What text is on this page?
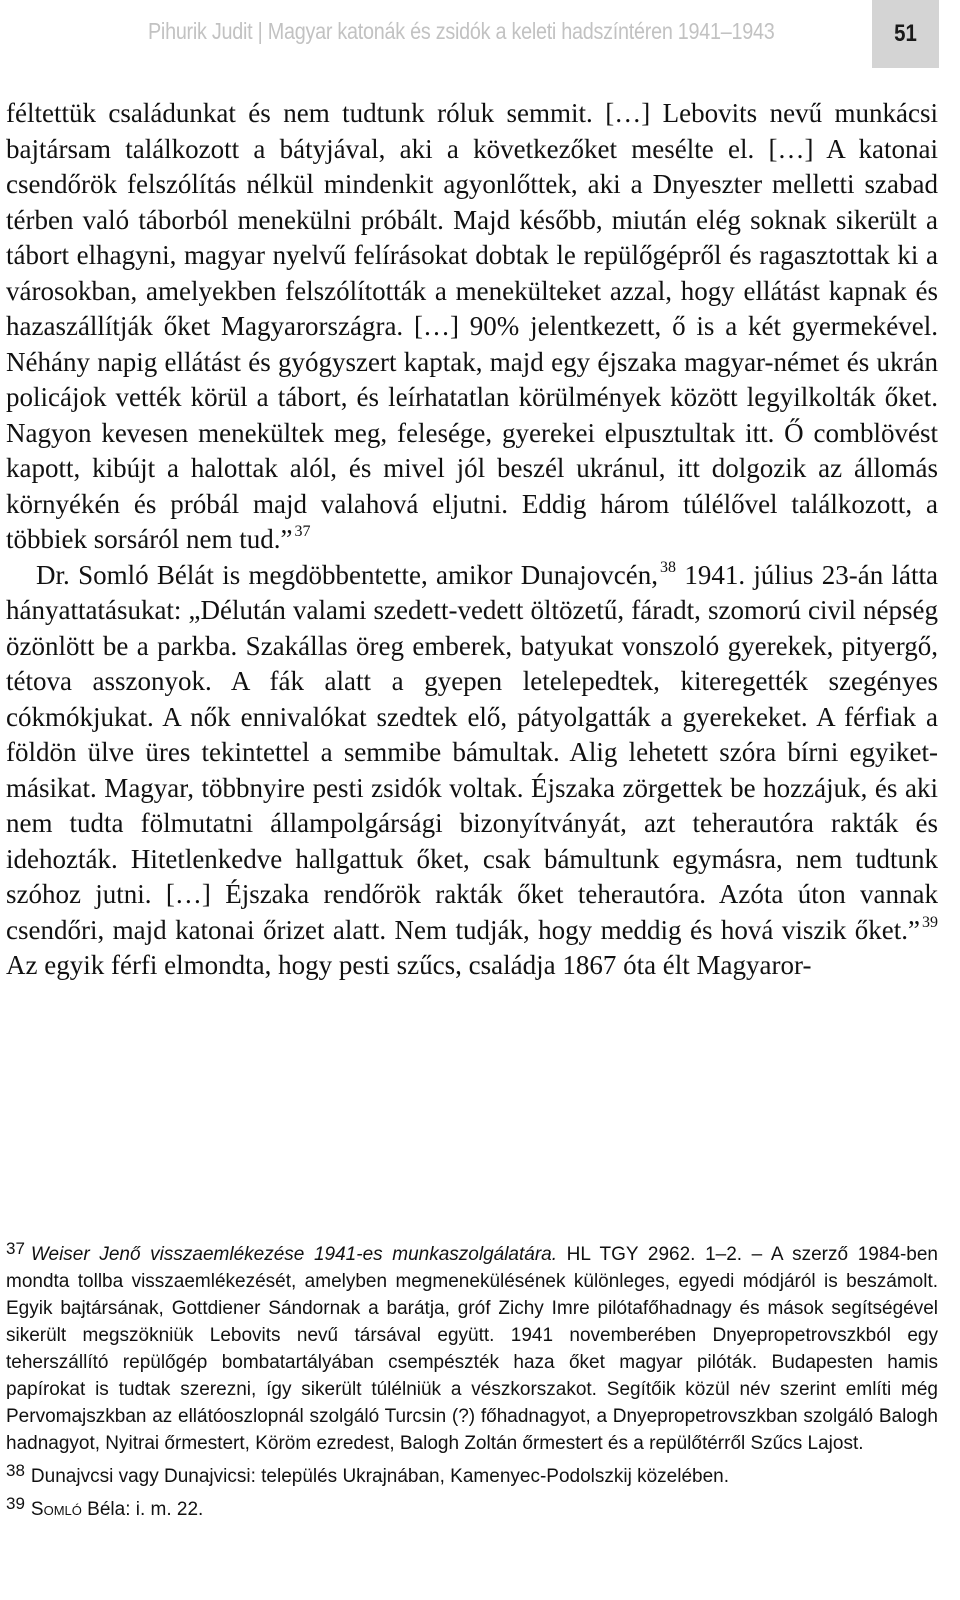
Pihurik Judit | Magyar katonák és zsidók a keleti hadszíntéren 1941–1943	51

féltettük családunkat és nem tudtunk róluk semmit. […] Lebovits nevű munkácsi bajtársam találkozott a bátyjával, aki a következőket mesélte el. […] A katonai csendőrök felszólítás nélkül mindenkit agyonlőttek, aki a Dnyeszter melletti szabad térben való táborból menekülni próbált. Majd később, miután elég soknak sikerült a tábort elhagyni, magyar nyelvű felírásokat dobtak le repülőgépről és ragasztottak ki a városokban, amelyekben felszólították a menekülteket azzal, hogy ellátást kapnak és hazaszállítják őket Magyarországra. […] 90% jelentkezett, ő is a két gyermekével. Néhány napig ellátást és gyógyszert kaptak, majd egy éjszaka magyar-német és ukrán policájok vették körül a tábort, és leírhatatlan körülmények között legyilkolták őket. Nagyon kevesen menekültek meg, felesége, gyerekei elpusztultak itt. Ő comblövést kapott, kibújt a halottak alól, és mivel jól beszél ukránul, itt dolgozik az állomás környékén és próbál majd valahová eljutni. Eddig három túlélővel találkozott, a többiek sorsáról nem tud.” $^{37}$

Dr. Somló Bélát is megdöbbentette, amikor Dunajovcén, $^{38}$ 1941. július 23-án látta hányattatásukat: „Délután valami szedett-vedett öltözetű, fáradt, szomorú civil népség özönlött be a parkba. Szakállas öreg emberek, batyukat vonszoló gyerekek, pityergő, tétova asszonyok. A fák alatt a gyepen letelepedtek, kiteregették szegényes cókmókjukat. A nők ennivalókat szedtek elő, pátyolgatták a gyerekeket. A férfiak a földön ülve üres tekintettel a semmibe bámultak. Alig lehetett szóra bírni egyiket-másikat. Magyar, többnyire pesti zsidók voltak. Éjszaka zörgettek be hozzájuk, és aki nem tudta fölmutatni állampolgársági bizonyítványát, azt teherautóra rakták és idehozták. Hitetlenkedve hallgattuk őket, csak bámultunk egymásra, nem tudtunk szóhoz jutni. […] Éjszaka rendőrök rakták őket teherautóra. Azóta úton vannak csendőri, majd katonai őrizet alatt. Nem tudják, hogy meddig és hová viszik őket.” $^{39}$ Az egyik férfi elmondta, hogy pesti szűcs, családja 1867 óta élt Magyaror-

37 Weiser Jenő visszaemlékezése 1941-es munkaszolgálatára. HL TGY 2962. 1–2. – A szerző 1984-ben mondta tollba visszaemlékezését, amelyben megmenekülésének különleges, egyedi módjáról is beszámolt. Egyik bajtársának, Gottdiener Sándornak a barátja, gróf Zichy Imre pilótafőhadnagy és mások segítségével sikerült megszökniük Lebovits nevű társával együtt. 1941 novemberében Dnyepropetrovszkból egy teherszállító repülőgép bombatartályában csempészték haza őket magyar pilóták. Budapesten hamis papírokat is tudtak szerezni, így sikerült túlélniük a vészkorszakot. Segítőik közül név szerint említi még Pervomajszkban az ellátóoszlopnál szolgáló Turcsin (?) főhadnagyot, a Dnyepropetrovszkban szolgáló Balogh hadnagyot, Nyitrai őrmestert, Köröm ezredest, Balogh Zoltán őrmestert és a repülőtérről Szűcs Lajost.

38 Dunajvcsi vagy Dunajvicsi: település Ukrajnában, Kamenyec-Podolszkij közelében.

39 Somló Béla: i. m. 22.
